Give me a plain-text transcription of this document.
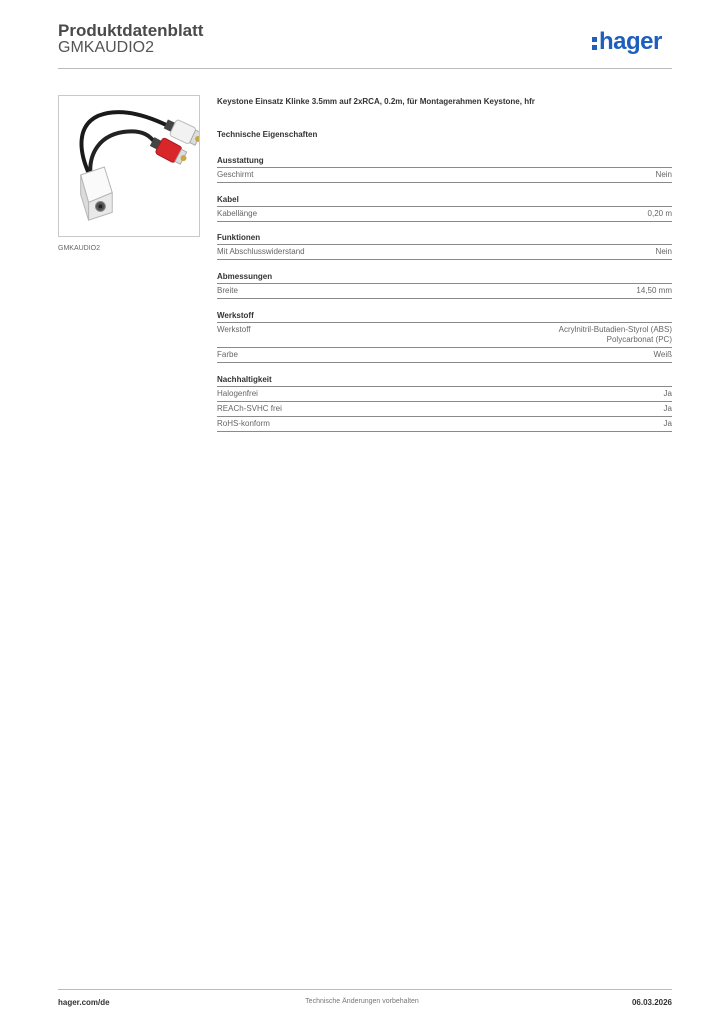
Produktdatenblatt
GMKAUDIO2	hager
GMKAUDIO2
Keystone Einsatz Klinke 3.5mm auf 2xRCA, 0.2m, für Montagerahmen Keystone, hfr
Technische Eigenschaften
Ausstattung
Geschirmt	Nein
Kabel
Kabellänge	0,20 m
Funktionen
Mit Abschlusswiderstand	Nein
Abmessungen
Breite	14,50 mm
Werkstoff
Werkstoff	Acrylnitril-Butadien-Styrol (ABS)
Polycarbonat (PC)
Farbe	Weiß
Nachhaltigkeit
Halogenfrei	Ja
REACh-SVHC frei	Ja
RoHS-konform	Ja
hager.com/de	Technische Änderungen vorbehalten	06.03.2026
